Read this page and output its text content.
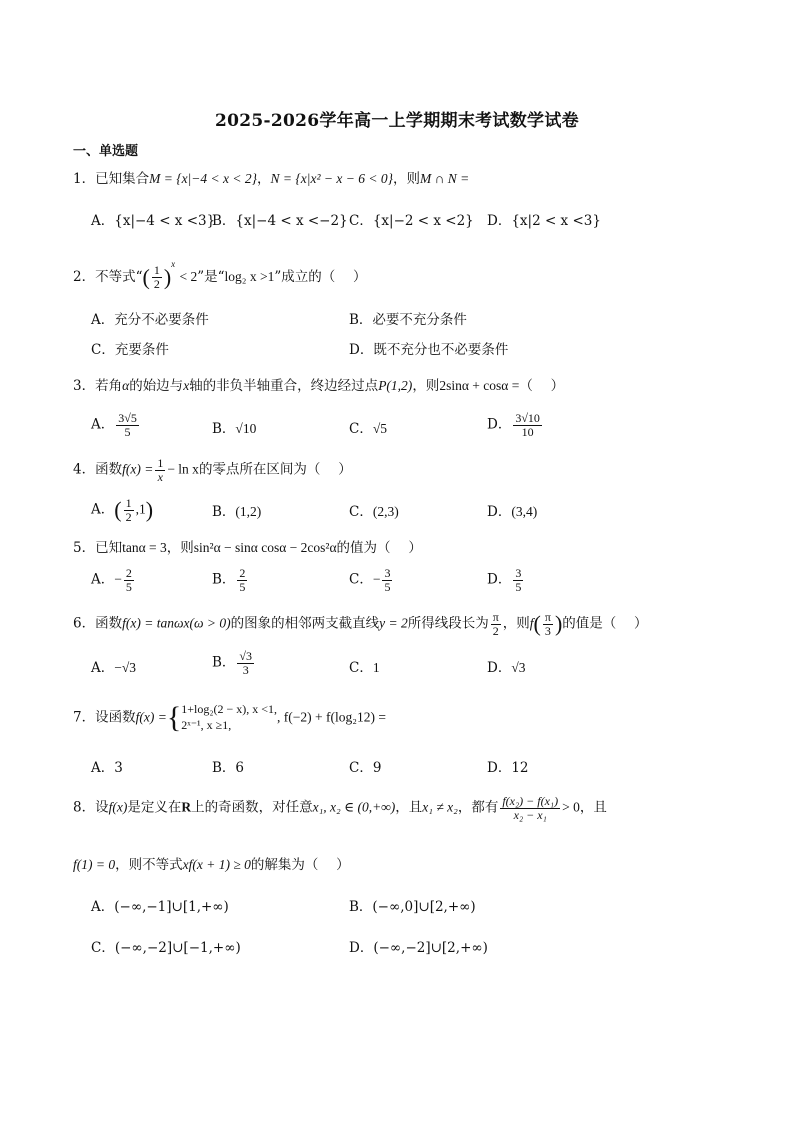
2025-2026学年高一上学期期末考试数学试卷
一、单选题
1．已知集合M = {x|−4 < x < 2}，N = {x|x² − x − 6 < 0}，则M ∩ N =
A．{x|−4 < x <3}
B．{x|−4 < x <−2} C．{x|−2 < x <2} D．{x|2 < x <3}
2．不等式“( $\frac{1}{2} )^x < 2$”是“log₂ x >1”成立的（　 ）
A．充分不必要条件	B．必要不充分条件
C．充要条件	D．既不充分也不必要条件
3．若角α的始边与x轴的非负半轴重合，终边经过点P(1,2)，则2sinα + cosα =（　 ）
A． $\frac{3√5}{5}$	B．√10	C．√5	D． $\frac{3√10}{10}$
4．函数$f(x) = \frac{1}{x} - \ln x$的零点所在区间为（　 ）
A．( $\frac{1}{2} ,1$)	B．(1,2)	C．(2,3)	D．(3,4)
5．已知tanα = 3，则sin²α − sinα cosα − 2cos²α的值为（　 ）
A．− $\frac{2}{5}$	B． $\frac{2}{5}$	C．− $\frac{3}{5}$	D． $\frac{3}{5}$
6．函数f(x) = tanωx(ω > 0)的图象的相邻两支截直线y = 2所得线段长为 $\frac{\pi}{2}$ ，则$f( \frac{\pi}{3}$ )的值是（　 ）
A．−√3	B． $\frac{√3}{3}$	C．1	D．√3
7．设函数f(x) ={ 1+log₂(2 − x), x <1,
2ˣ⁻¹, x ≥1,
, f(−2) + f(log₂12) =
A．3	B．6	C．9	D．12
8．设f(x)是定义在R上的奇函数，对任意x₁, x₂ ∈ (0,+∞)，且x₁ ≠ x₂，都有 $\frac{\text{f(x₂) − f(x₁)}}{\text{x₂ − x₁}} > 0$，且
f(1) = 0，则不等式xf(x + 1) ≥ 0的解集为（　 ）
A．(−∞,−1]∪[1,+∞)	B．(−∞,0]∪[2,+∞)
C．(−∞,−2]∪[−1,+∞)	D．(−∞,−2]∪[2,+∞)
